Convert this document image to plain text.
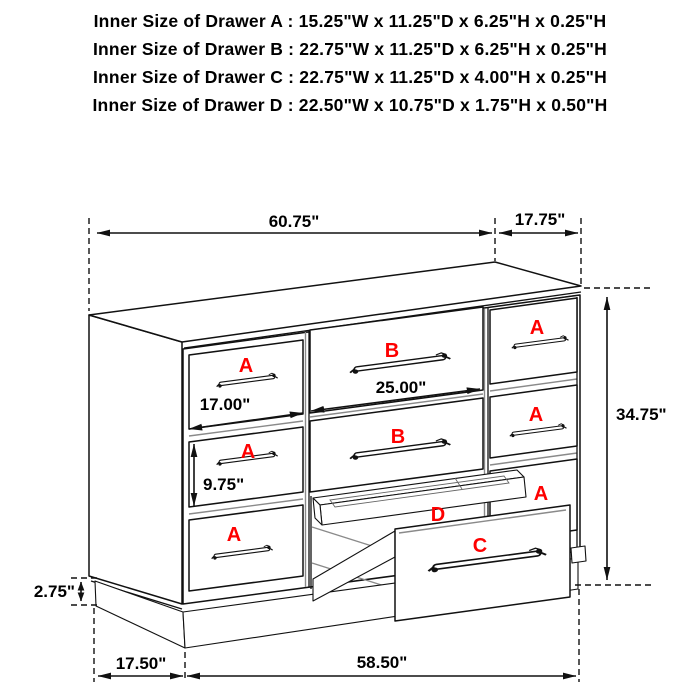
Inner Size of Drawer A : 15.25"W x 11.25"D x 6.25"H x 0.25"H
Inner Size of Drawer B : 22.75"W x 11.25"D x 6.25"H x 0.25"H
Inner Size of Drawer C : 22.75"W x 11.25"D x 4.00"H x 0.25"H
Inner Size of Drawer D : 22.50"W x 10.75"D x 1.75"H x 0.50"H
60.75"	17.75"
A
A
A
B
B
A
A
A
C
D
17.00"
25.00"
9.75"
34.75"
2.75"
17.50"	58.50"
